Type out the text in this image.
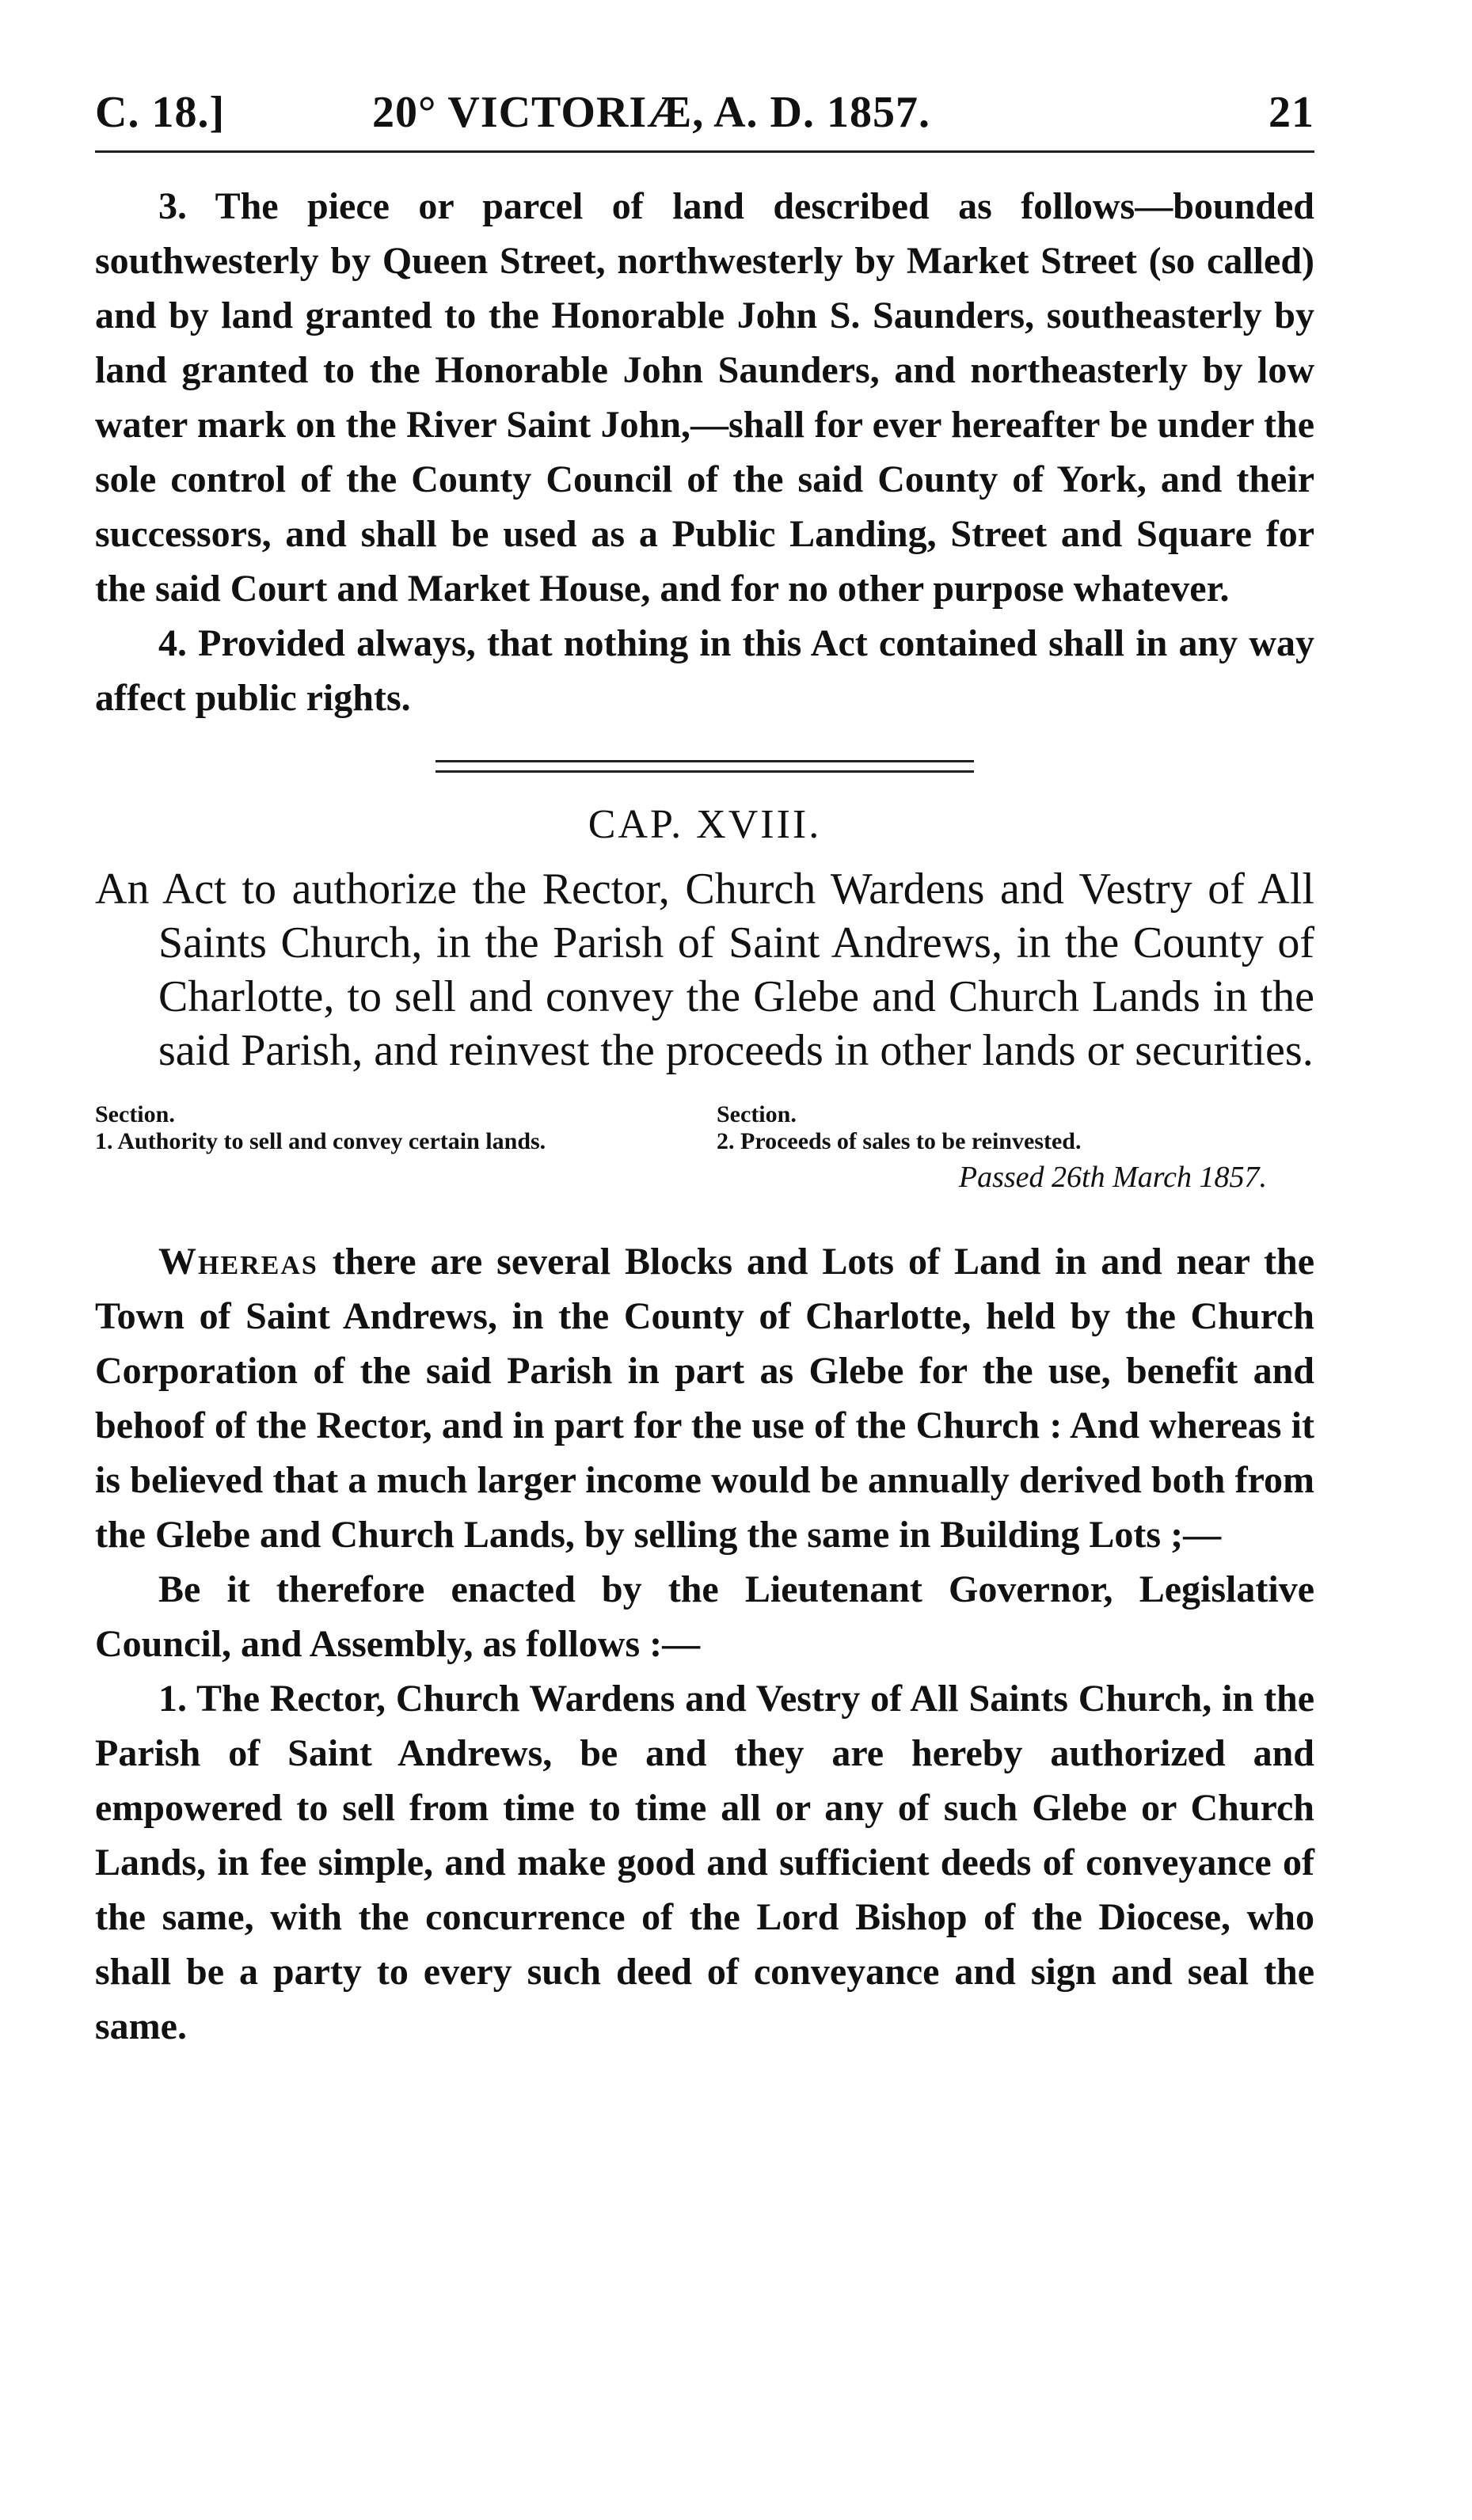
C. 18.]	20° VICTORIÆ, A. D. 1857.	21

3. The piece or parcel of land described as follows—bounded southwesterly by Queen Street, northwesterly by Market Street (so called) and by land granted to the Honorable John S. Saunders, southeasterly by land granted to the Honorable John Saunders, and northeasterly by low water mark on the River Saint John,—shall for ever hereafter be under the sole control of the County Council of the said County of York, and their successors, and shall be used as a Public Landing, Street and Square for the said Court and Market House, and for no other purpose whatever.

4. Provided always, that nothing in this Act contained shall in any way affect public rights.

CAP. XVIII.
An Act to authorize the Rector, Church Wardens and Vestry of All Saints Church, in the Parish of Saint Andrews, in the County of Charlotte, to sell and convey the Glebe and Church Lands in the said Parish, and reinvest the proceeds in other lands or securities.
Section.
1. Authority to sell and convey certain lands.
Section.
2. Proceeds of sales to be reinvested.
Passed 26th March 1857.

Whereas there are several Blocks and Lots of Land in and near the Town of Saint Andrews, in the County of Charlotte, held by the Church Corporation of the said Parish in part as Glebe for the use, benefit and behoof of the Rector, and in part for the use of the Church : And whereas it is believed that a much larger income would be annually derived both from the Glebe and Church Lands, by selling the same in Building Lots ;—

Be it therefore enacted by the Lieutenant Governor, Legislative Council, and Assembly, as follows :—

1. The Rector, Church Wardens and Vestry of All Saints Church, in the Parish of Saint Andrews, be and they are hereby authorized and empowered to sell from time to time all or any of such Glebe or Church Lands, in fee simple, and make good and sufficient deeds of conveyance of the same, with the concurrence of the Lord Bishop of the Diocese, who shall be a party to every such deed of conveyance and sign and seal the same.
